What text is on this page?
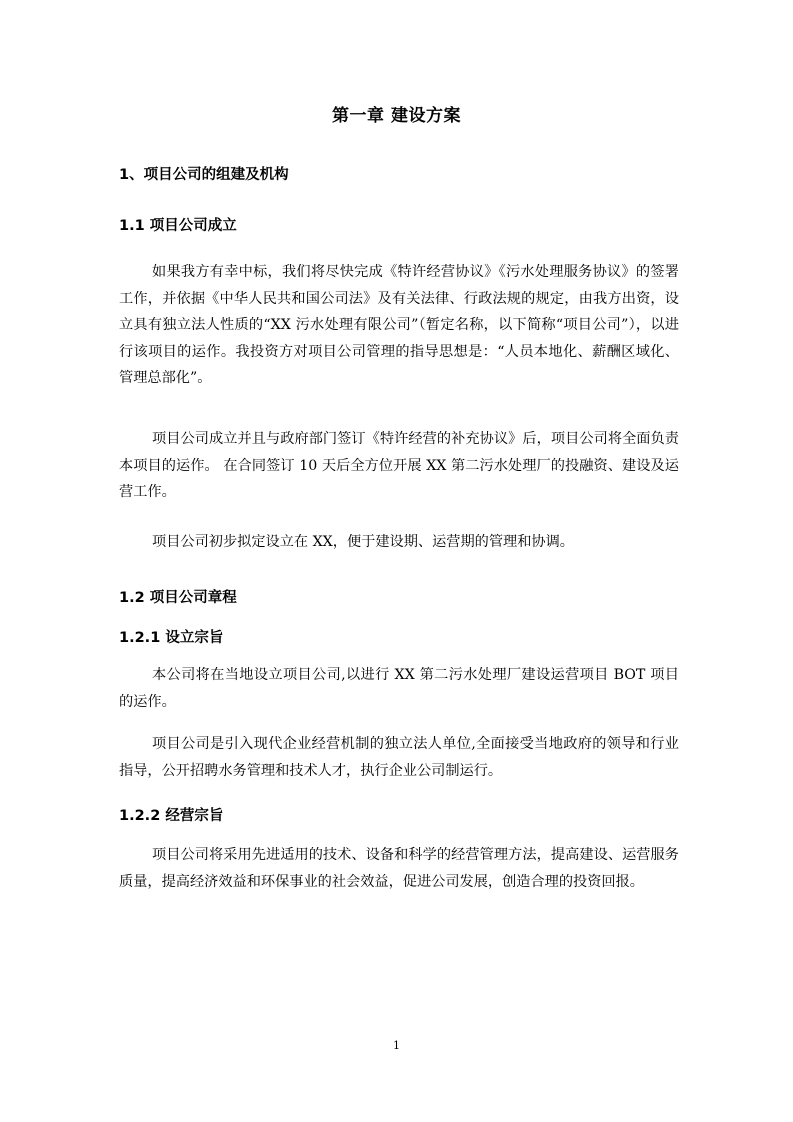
第一章 建设方案
1、项目公司的组建及机构
1.1 项目公司成立

如果我方有幸中标，我们将尽快完成《特许经营协议》《污水处理服务协议》的签署工作，并依据《中华人民共和国公司法》及有关法律、行政法规的规定，由我方出资，设立具有独立法人性质的“XX 污水处理有限公司”（暂定名称，以下简称“项目公司”），以进行该项目的运作。我投资方对项目公司管理的指导思想是：“人员本地化、薪酬区域化、管理总部化”。

项目公司成立并且与政府部门签订《特许经营的补充协议》后，项目公司将全面负责本项目的运作。 在合同签订 10 天后全方位开展 XX 第二污水处理厂的投融资、建设及运营工作。

项目公司初步拟定设立在 XX，便于建设期、运营期的管理和协调。

1.2 项目公司章程
1.2.1 设立宗旨

本公司将在当地设立项目公司,以进行 XX 第二污水处理厂建设运营项目 BOT 项目的运作。

项目公司是引入现代企业经营机制的独立法人单位,全面接受当地政府的领导和行业指导，公开招聘水务管理和技术人才，执行企业公司制运行。

1.2.2 经营宗旨

项目公司将采用先进适用的技术、设备和科学的经营管理方法，提高建设、运营服务质量，提高经济效益和环保事业的社会效益，促进公司发展，创造合理的投资回报。

1
